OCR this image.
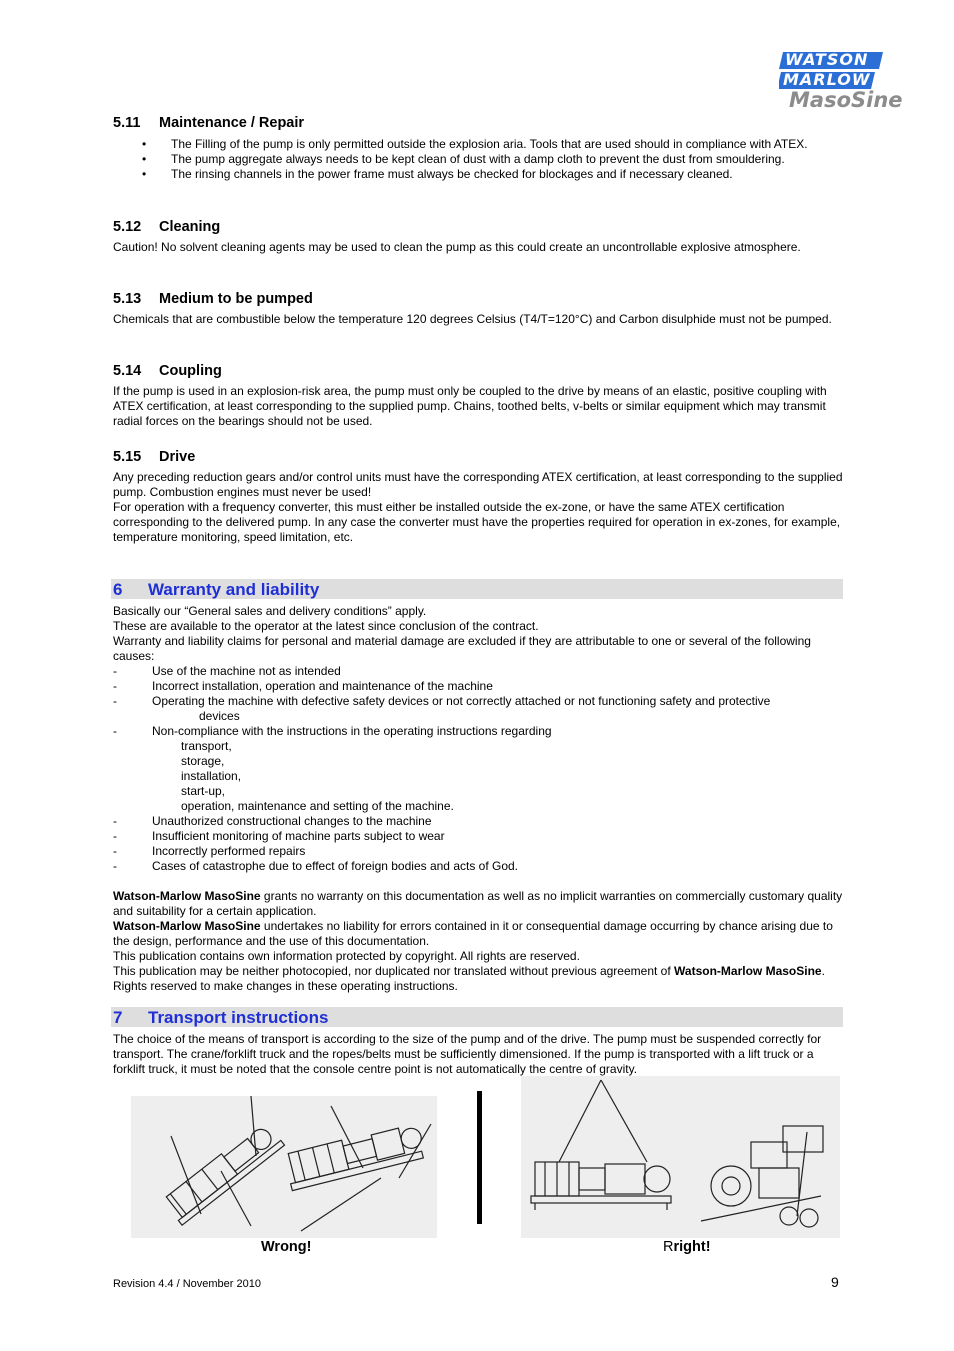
WATSON
MARLOW
MasoSine
5.11 Maintenance / Repair
• The Filling of the pump is only permitted outside the explosion aria. Tools that are used should in compliance with ATEX.
• The pump aggregate always needs to be kept clean of dust with a damp cloth to prevent the dust from smouldering.
• The rinsing channels in the power frame must always be checked for blockages and if necessary cleaned.
5.12 Cleaning

Caution! No solvent cleaning agents may be used to clean the pump as this could create an uncontrollable explosive atmosphere.

5.13 Medium to be pumped

Chemicals that are combustible below the temperature 120 degrees Celsius (T4/T=120°C) and Carbon disulphide must not be pumped.

5.14 Coupling

If the pump is used in an explosion-risk area, the pump must only be coupled to the drive by means of an elastic, positive coupling with ATEX certification, at least corresponding to the supplied pump. Chains, toothed belts, v-belts or similar equipment which may transmit radial forces on the bearings should not be used.

5.15 Drive

Any preceding reduction gears and/or control units must have the corresponding ATEX certification, at least corresponding to the supplied pump. Combustion engines must never be used!

For operation with a frequency converter, this must either be installed outside the ex-zone, or have the same ATEX certification corresponding to the delivered pump. In any case the converter must have the properties required for operation in ex-zones, for example, temperature monitoring, speed limitation, etc.

6 Warranty and liability

Basically our “General sales and delivery conditions” apply.

These are available to the operator at the latest since conclusion of the contract.

Warranty and liability claims for personal and material damage are excluded if they are attributable to one or several of the following causes:

- Use of the machine not as intended
- Incorrect installation, operation and maintenance of the machine
- Operating the machine with defective safety devices or not correctly attached or not functioning safety and protective
devices
- Non-compliance with the instructions in the operating instructions regarding
transport,
storage,
installation,
start-up,
operation, maintenance and setting of the machine.
- Unauthorized constructional changes to the machine
- Insufficient monitoring of machine parts subject to wear
- Incorrectly performed repairs
- Cases of catastrophe due to effect of foreign bodies and acts of God.

Watson-Marlow MasoSine grants no warranty on this documentation as well as no implicit warranties on commercially customary quality and suitability for a certain application.

Watson-Marlow MasoSine undertakes no liability for errors contained in it or consequential damage occurring by chance arising due to the design, performance and the use of this documentation.

This publication contains own information protected by copyright. All rights are reserved.

This publication may be neither photocopied, nor duplicated nor translated without previous agreement of Watson-Marlow MasoSine. Rights reserved to make changes in these operating instructions.

7 Transport instructions

The choice of the means of transport is according to the size of the pump and of the drive. The pump must be suspended correctly for transport. The crane/forklift truck and the ropes/belts must be sufficiently dimensioned. If the pump is transported with a lift truck or a forklift truck, it must be noted that the console centre point is not automatically the centre of gravity.

Wrong!	Rright!
Revision 4.4 / November 2010	9
